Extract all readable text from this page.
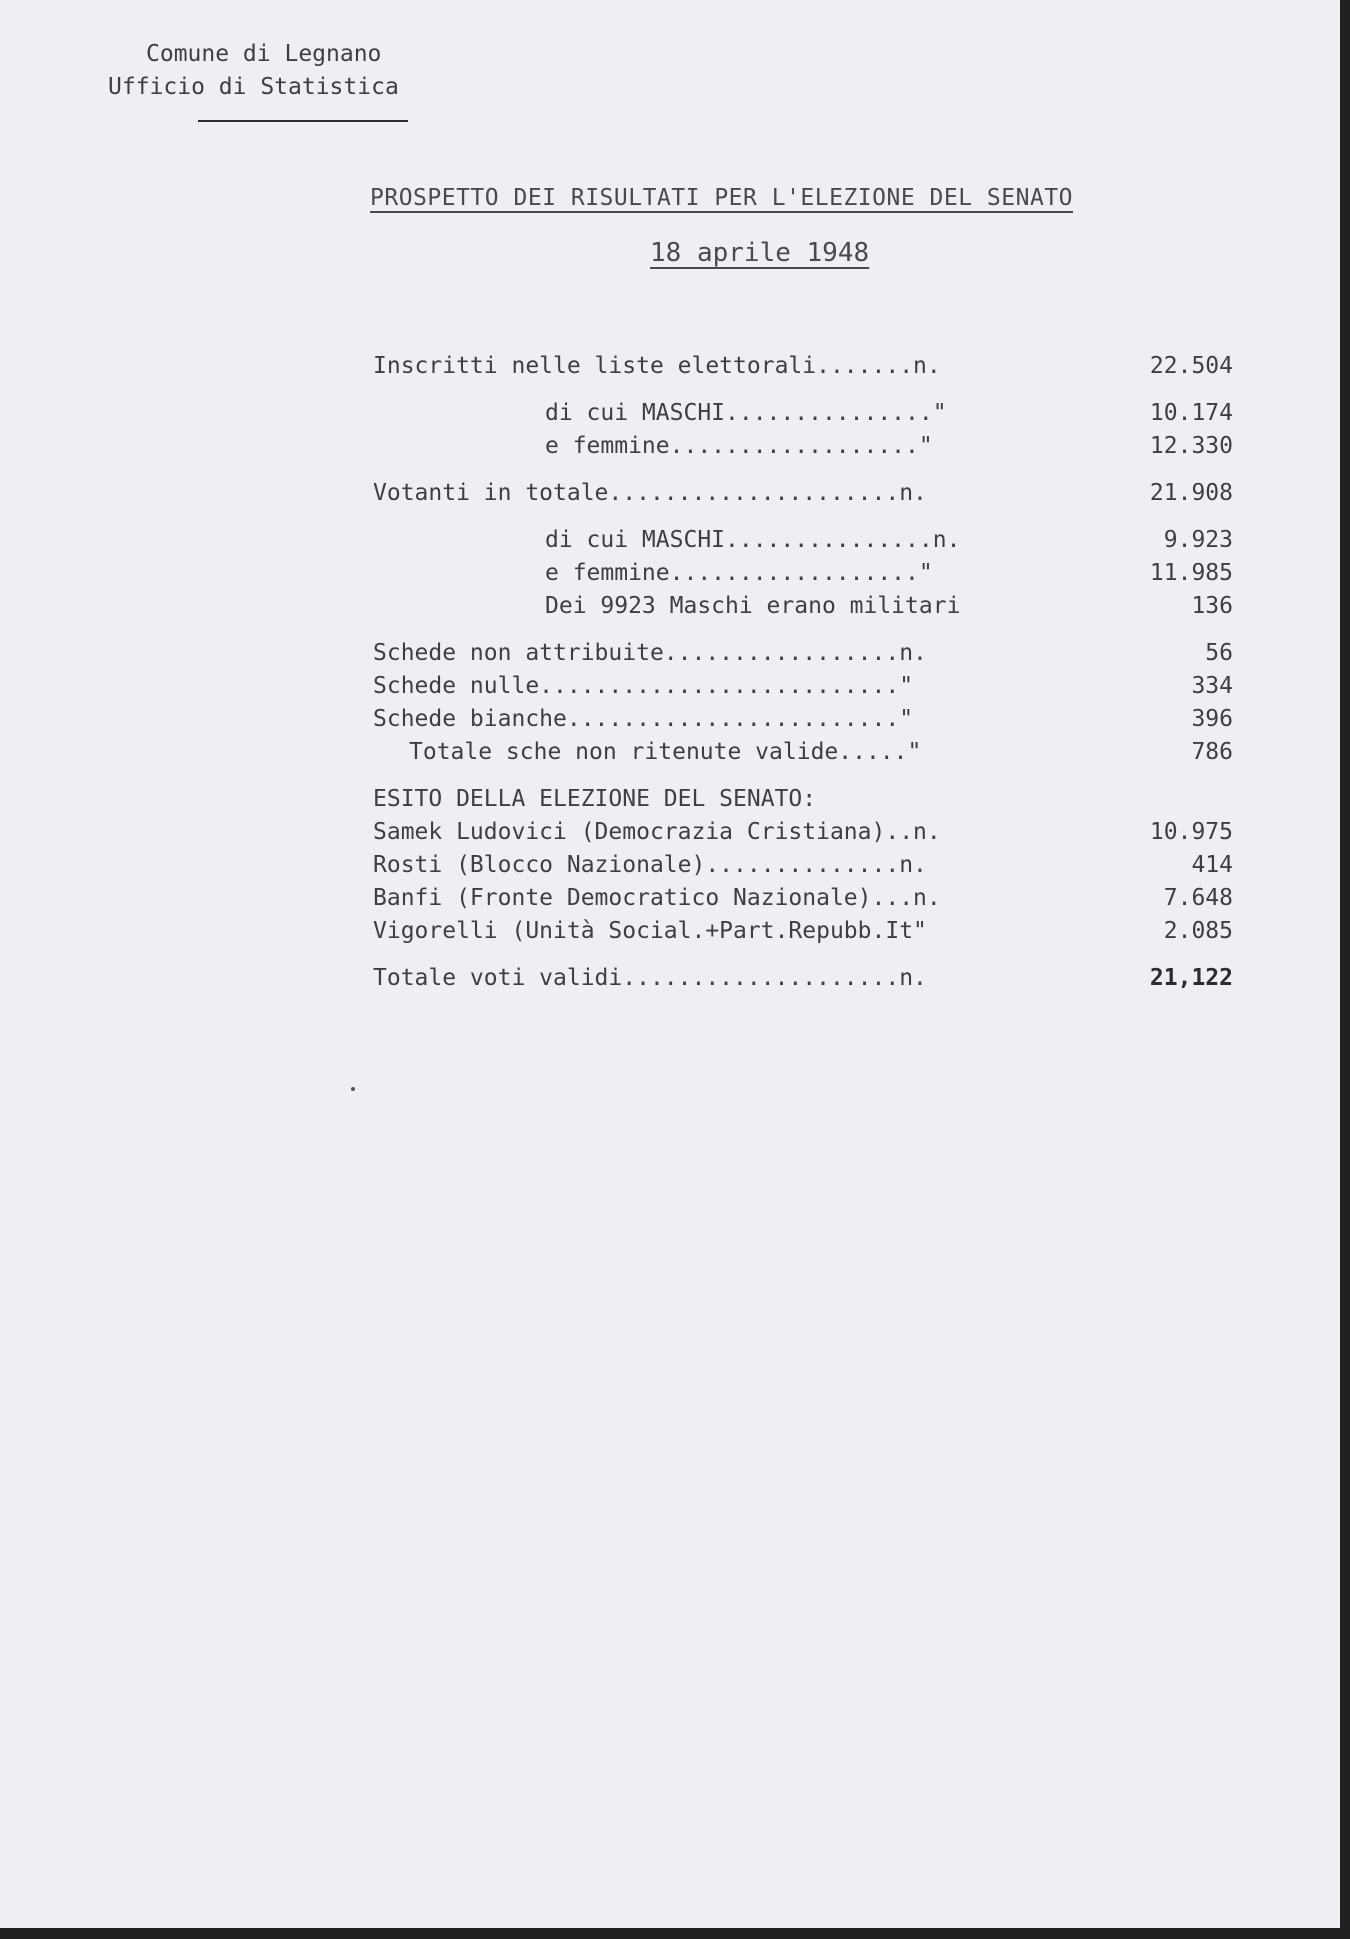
Comune di Legnano
Ufficio di Statistica
PROSPETTO DEI RISULTATI PER L'ELEZIONE DEL SENATO
18 aprile 1948
Inscritti nelle liste elettorali.......n.	22.504
di cui MASCHI..............."	10.174
e femmine.................."	12.330
Votanti in totale.....................n.	21.908
di cui MASCHI...............n.	9.923
e femmine.................."	11.985
Dei 9923 Maschi erano militari	136
Schede non attribuite.................n.	56
Schede nulle.........................."	334
Schede bianche........................"	396
Totale sche non ritenute valide....."	786
ESITO DELLA ELEZIONE DEL SENATO:
Samek Ludovici (Democrazia Cristiana)..n.	10.975
Rosti (Blocco Nazionale)..............n.	414
Banfi (Fronte Democratico Nazionale)...n.	7.648
Vigorelli (Unità Social.+Part.Repubb.It"	2.085
Totale voti validi....................n.	21,122
